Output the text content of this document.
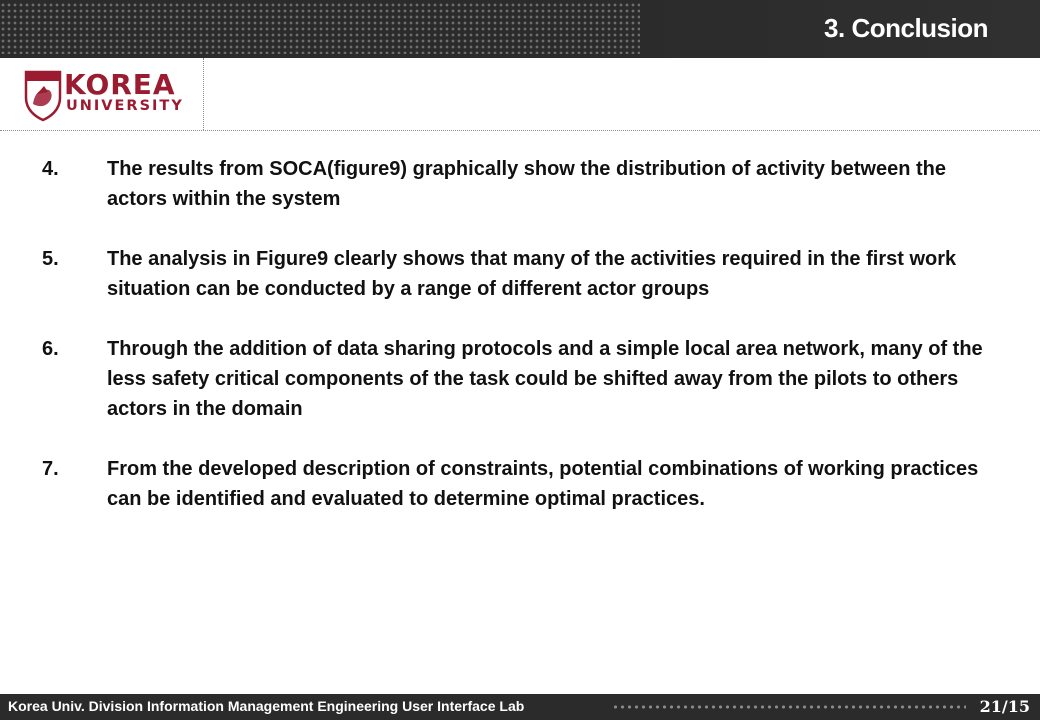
3. Conclusion
KOREA
UNIVERSITY
4. The results from SOCA(figure9) graphically show the distribution of activity between the actors within the system
5. The analysis in Figure9 clearly shows that many of the activities required in the first work situation can be conducted by a range of different actor groups
6. Through the addition of data sharing protocols and a simple local area network, many of the less safety critical components of the task could be shifted away from the pilots to others actors in the domain
7. From the developed description of constraints, potential combinations of working practices can be identified and evaluated to determine optimal practices.
Korea Univ. Division Information Management Engineering User Interface Lab	21/15
